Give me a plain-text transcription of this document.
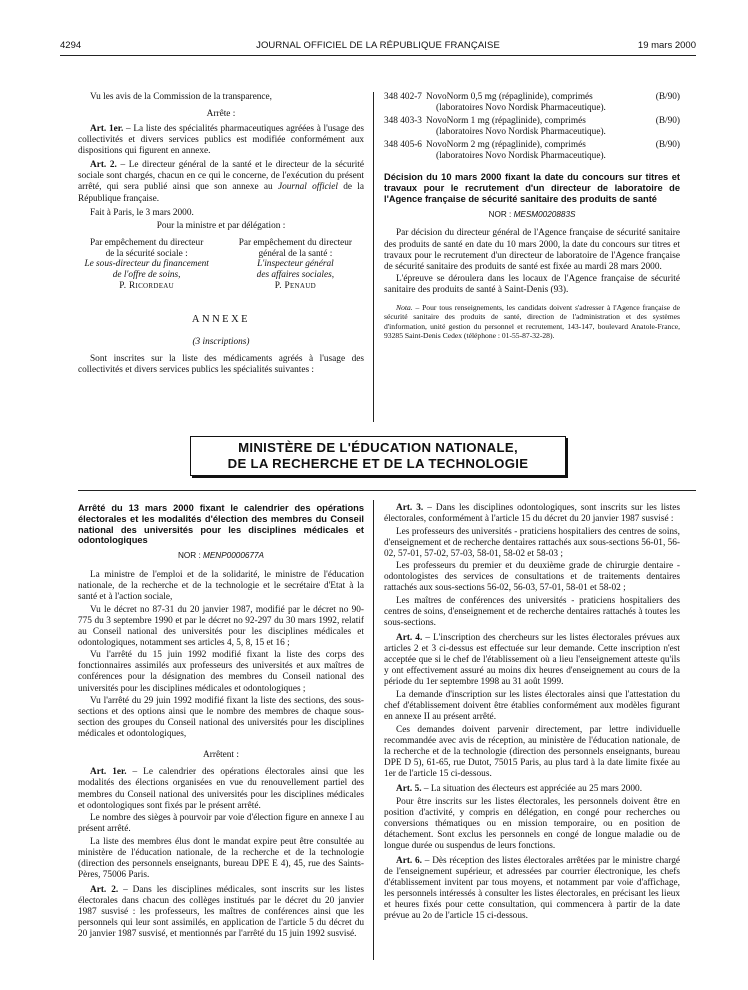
4294	JOURNAL OFFICIEL DE LA RÉPUBLIQUE FRANÇAISE	19 mars 2000

Vu les avis de la Commission de la transparence,

Arrête :

Art. 1er. – La liste des spécialités pharmaceutiques agréées à l'usage des collectivités et divers services publics est modifiée conformément aux dispositions qui figurent en annexe.

Art. 2. – Le directeur général de la santé et le directeur de la sécurité sociale sont chargés, chacun en ce qui le concerne, de l'exécution du présent arrêté, qui sera publié ainsi que son annexe au Journal officiel de la République française.

Fait à Paris, le 3 mars 2000.

Pour la ministre et par délégation :

Par empêchement du directeur
de la sécurité sociale :
Le sous-directeur du financement
de l'offre de soins,
P. Ricordeau
Par empêchement du directeur
général de la santé :
L'inspecteur général
des affaires sociales,
P. Penaud
ANNEXE
(3 inscriptions)

Sont inscrites sur la liste des médicaments agréés à l'usage des collectivités et divers services publics les spécialités suivantes :

348 402-7 NovoNorm 0,5 mg (répaglinide), comprimés	(B/90)
(laboratoires Novo Nordisk Pharmaceutique).
348 403-3 NovoNorm 1 mg (répaglinide), comprimés	(B/90)
(laboratoires Novo Nordisk Pharmaceutique).
348 405-6 NovoNorm 2 mg (répaglinide), comprimés	(B/90)
(laboratoires Novo Nordisk Pharmaceutique).
Décision du 10 mars 2000 fixant la date du concours sur titres et travaux pour le recrutement d'un directeur de laboratoire de l'Agence française de sécurité sanitaire des produits de santé
NOR : MESM0020883S

Par décision du directeur général de l'Agence française de sécurité sanitaire des produits de santé en date du 10 mars 2000, la date du concours sur titres et travaux pour le recrutement d'un directeur de laboratoire de l'Agence française de sécurité sanitaire des produits de santé est fixée au mardi 28 mars 2000.

L'épreuve se déroulera dans les locaux de l'Agence française de sécurité sanitaire des produits de santé à Saint-Denis (93).

Nota. – Pour tous renseignements, les candidats doivent s'adresser à l'Agence française de sécurité sanitaire des produits de santé, direction de l'administration et des systèmes d'information, unité gestion du personnel et recrutement, 143-147, boulevard Anatole-France, 93285 Saint-Denis Cedex (téléphone : 01-55-87-32-28).

MINISTÈRE DE L'ÉDUCATION NATIONALE,
DE LA RECHERCHE ET DE LA TECHNOLOGIE
Arrêté du 13 mars 2000 fixant le calendrier des opérations électorales et les modalités d'élection des membres du Conseil national des universités pour les disciplines médicales et odontologiques
NOR : MENP0000677A

La ministre de l'emploi et de la solidarité, le ministre de l'éducation nationale, de la recherche et de la technologie et le secrétaire d'Etat à la santé et à l'action sociale,

Vu le décret no 87-31 du 20 janvier 1987, modifié par le décret no 90-775 du 3 septembre 1990 et par le décret no 92-297 du 30 mars 1992, relatif au Conseil national des universités pour les disciplines médicales et odontologiques, notamment ses articles 4, 5, 8, 15 et 16 ;

Vu l'arrêté du 15 juin 1992 modifié fixant la liste des corps des fonctionnaires assimilés aux professeurs des universités et aux maîtres de conférences pour la désignation des membres du Conseil national des universités pour les disciplines médicales et odontologiques ;

Vu l'arrêté du 29 juin 1992 modifié fixant la liste des sections, des sous-sections et des options ainsi que le nombre des membres de chaque sous-section des groupes du Conseil national des universités pour les disciplines médicales et odontologiques,

Arrêtent :

Art. 1er. – Le calendrier des opérations électorales ainsi que les modalités des élections organisées en vue du renouvellement partiel des membres du Conseil national des universités pour les disciplines médicales et odontologiques sont fixés par le présent arrêté.

Le nombre des sièges à pourvoir par voie d'élection figure en annexe I au présent arrêté.

La liste des membres élus dont le mandat expire peut être consultée au ministère de l'éducation nationale, de la recherche et de la technologie (direction des personnels enseignants, bureau DPE E 4), 45, rue des Saints-Pères, 75006 Paris.

Art. 2. – Dans les disciplines médicales, sont inscrits sur les listes électorales dans chacun des collèges institués par le décret du 20 janvier 1987 susvisé : les professeurs, les maîtres de conférences ainsi que les personnels qui leur sont assimilés, en application de l'article 5 du décret du 20 janvier 1987 susvisé, et mentionnés par l'arrêté du 15 juin 1992 susvisé.

Art. 3. – Dans les disciplines odontologiques, sont inscrits sur les listes électorales, conformément à l'article 15 du décret du 20 janvier 1987 susvisé :

Les professeurs des universités - praticiens hospitaliers des centres de soins, d'enseignement et de recherche dentaires rattachés aux sous-sections 56-01, 56-02, 57-01, 57-02, 57-03, 58-01, 58-02 et 58-03 ;

Les professeurs du premier et du deuxième grade de chirurgie dentaire - odontologistes des services de consultations et de traitements dentaires rattachés aux sous-sections 56-02, 56-03, 57-01, 58-01 et 58-02 ;

Les maîtres de conférences des universités - praticiens hospitaliers des centres de soins, d'enseignement et de recherche dentaires rattachés à toutes les sous-sections.

Art. 4. – L'inscription des chercheurs sur les listes électorales prévues aux articles 2 et 3 ci-dessus est effectuée sur leur demande. Cette inscription n'est acceptée que si le chef de l'établissement où a lieu l'enseignement atteste qu'ils y ont effectivement assuré au moins dix heures d'enseignement au cours de la période du 1er septembre 1998 au 31 août 1999.

La demande d'inscription sur les listes électorales ainsi que l'attestation du chef d'établissement doivent être établies conformément aux modèles figurant en annexe II au présent arrêté.

Ces demandes doivent parvenir directement, par lettre individuelle recommandée avec avis de réception, au ministère de l'éducation nationale, de la recherche et de la technologie (direction des personnels enseignants, bureau DPE D 5), 61-65, rue Dutot, 75015 Paris, au plus tard à la date limite fixée au 1er de l'article 15 ci-dessous.

Art. 5. – La situation des électeurs est appréciée au 25 mars 2000.

Pour être inscrits sur les listes électorales, les personnels doivent être en position d'activité, y compris en délégation, en congé pour recherches ou conversions thématiques ou en mission temporaire, ou en position de détachement. Sont exclus les personnels en congé de longue maladie ou de longue durée ou suspendus de leurs fonctions.

Art. 6. – Dès réception des listes électorales arrêtées par le ministre chargé de l'enseignement supérieur, et adressées par courrier électronique, les chefs d'établissement invitent par tous moyens, et notamment par voie d'affichage, les personnels intéressés à consulter les listes électorales, en précisant les lieux et heures fixés pour cette consultation, qui commencera à partir de la date prévue au 2o de l'article 15 ci-dessous.
